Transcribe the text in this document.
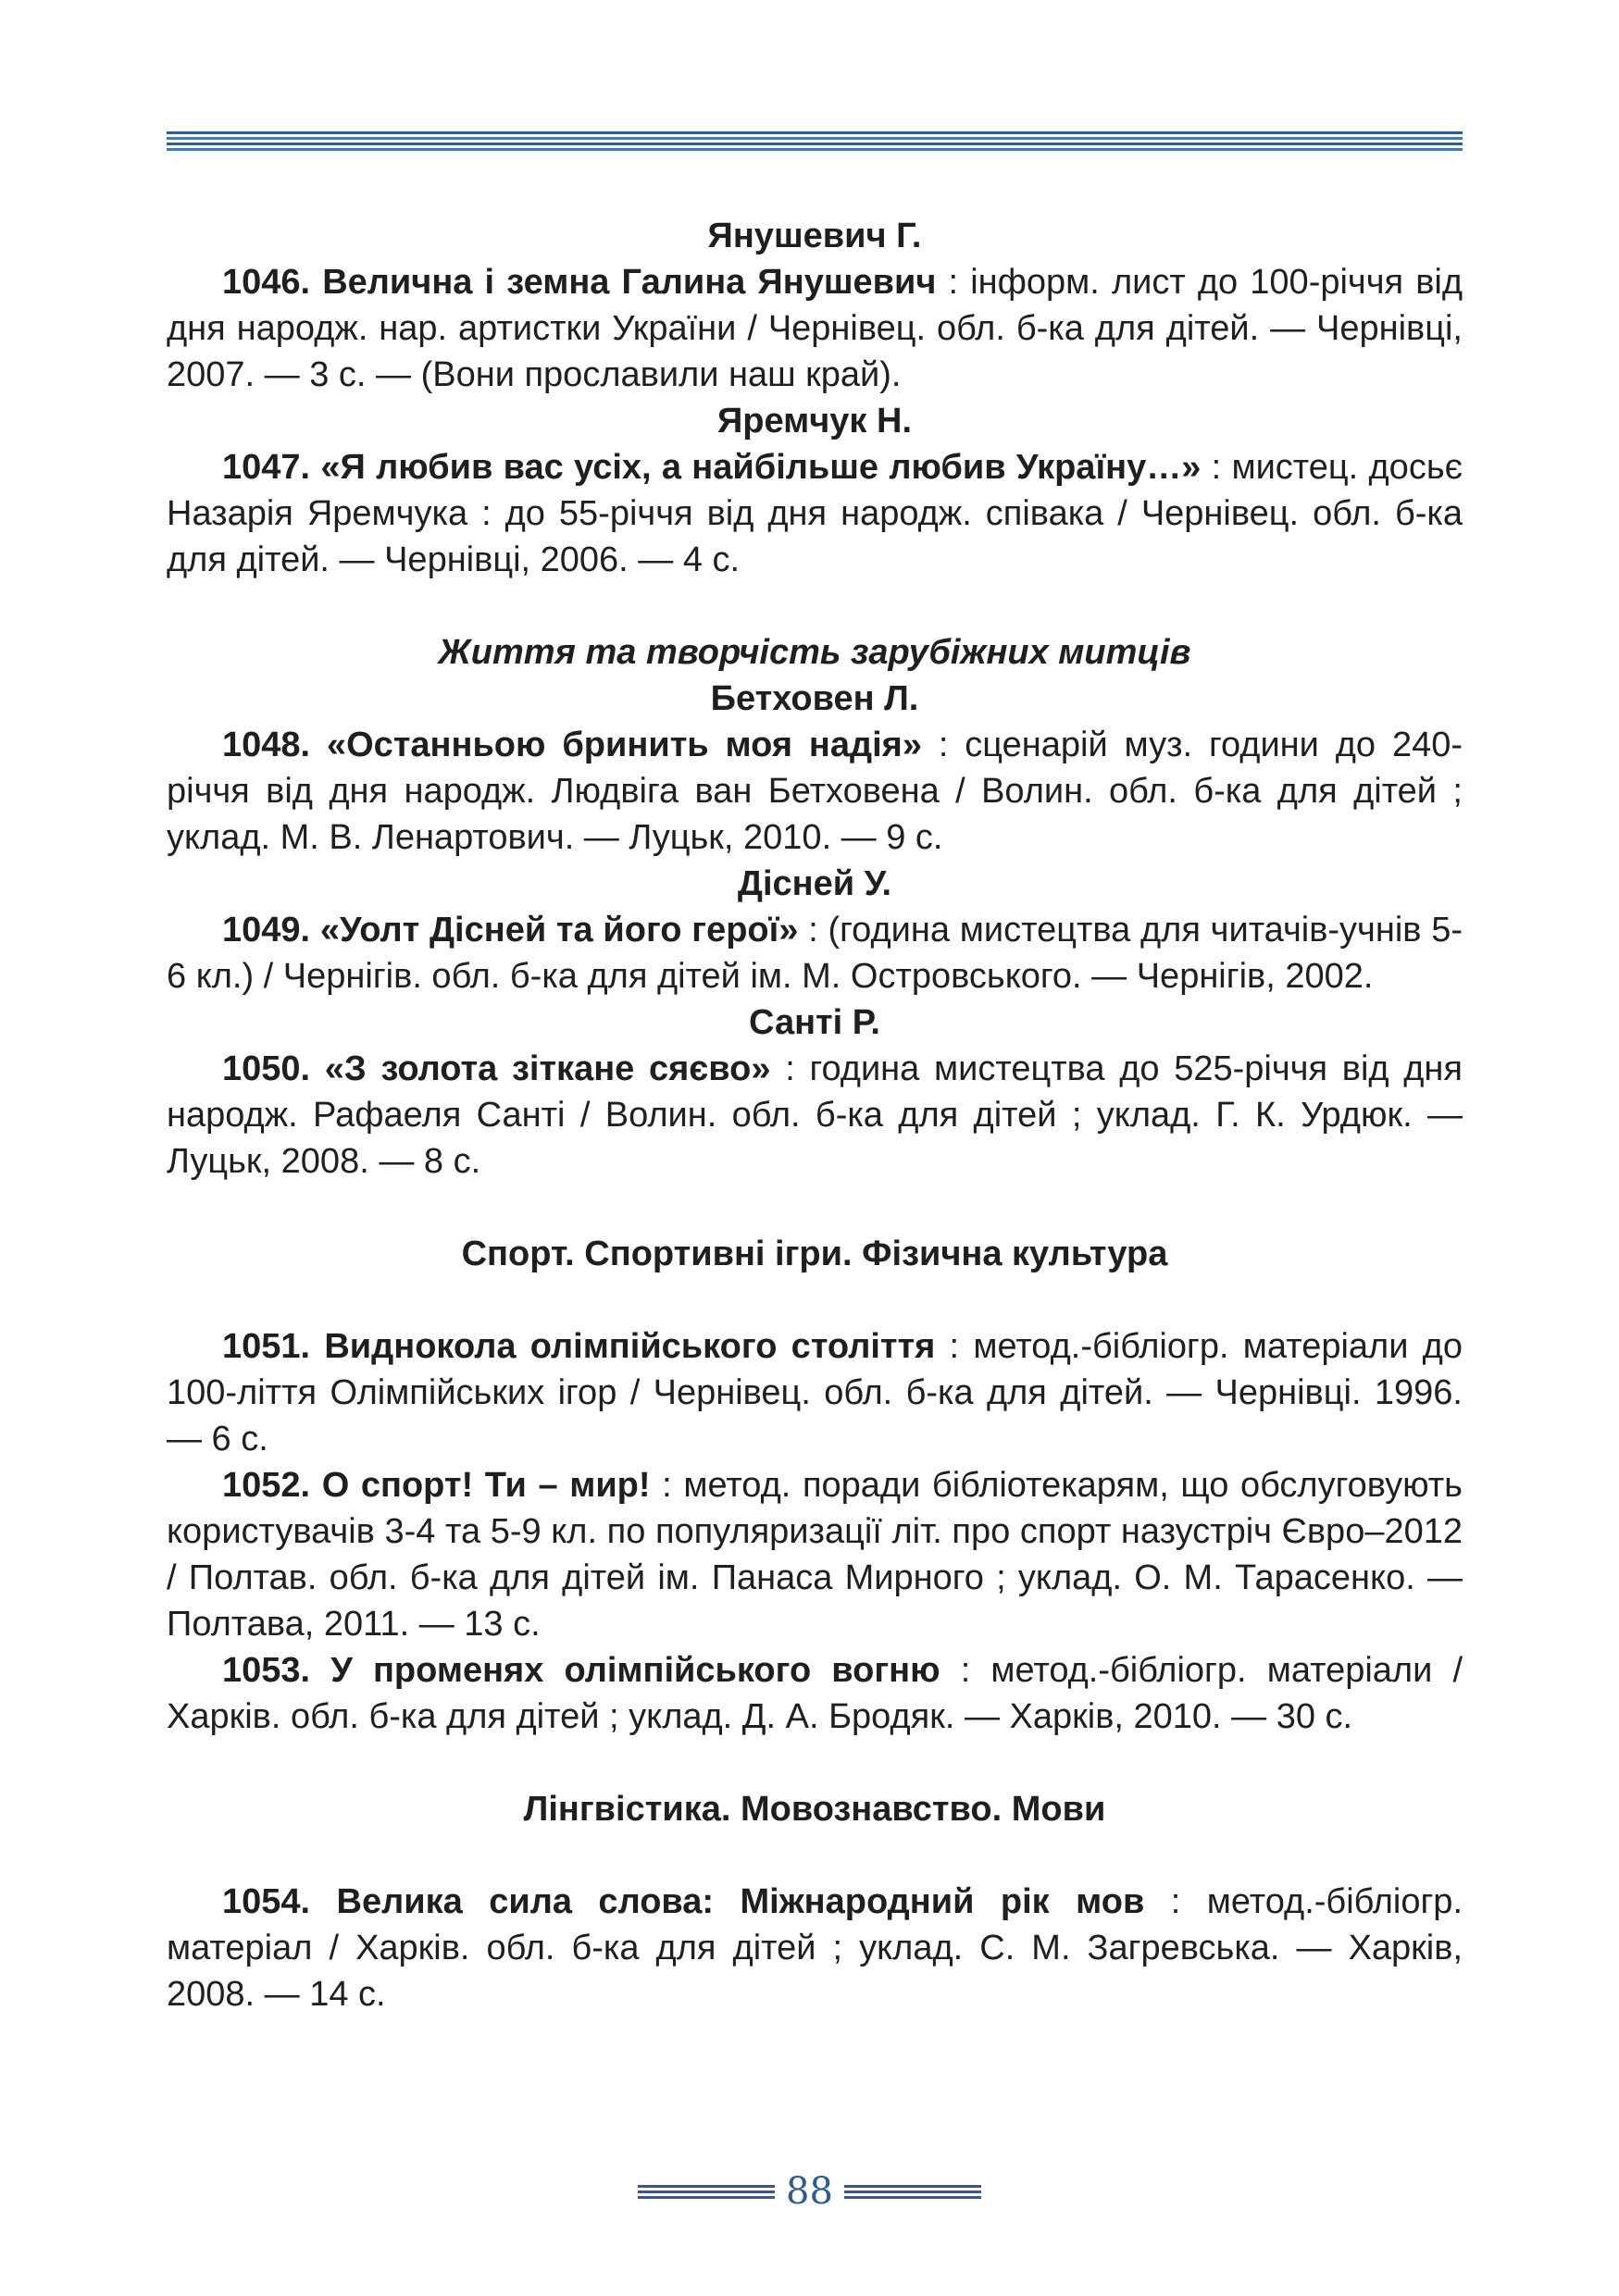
Янушевич Г.

1046. Велична і земна Галина Янушевич : інформ. лист до 100-річчя від дня народж. нар. артистки України / Чернівец. обл. б-ка для дітей. — Чернівці, 2007. — 3 с. — (Вони прославили наш край).

Яремчук Н.

1047. «Я любив вас усіх, а найбільше любив Україну…» : мистец. досьє Назарія Яремчука : до 55-річчя від дня народж. співака / Чернівец. обл. б-ка для дітей. — Чернівці, 2006. — 4 с.

Життя та творчість зарубіжних митців

Бетховен Л.

1048. «Останньою бринить моя надія» : сценарій муз. години до 240-річчя від дня народж. Людвіга ван Бетховена / Волин. обл. б-ка для дітей ; уклад. М. В. Ленартович. — Луцьк, 2010. — 9 с.

Дісней У.

1049. «Уолт Дісней та його герої» : (година мистецтва для читачів-учнів 5-6 кл.) / Чернігів. обл. б-ка для дітей ім. М. Островського. — Чернігів, 2002.

Санті Р.

1050. «З золота зіткане сяєво» : година мистецтва до 525-річчя від дня народж. Рафаеля Санті / Волин. обл. б-ка для дітей ; уклад. Г. К. Урдюк. — Луцьк, 2008. — 8 с.

Спорт. Спортивні ігри. Фізична культура

1051. Виднокола олімпійського століття : метод.-бібліогр. матеріали до 100-ліття Олімпійських ігор / Чернівец. обл. б-ка для дітей. — Чернівці. 1996. — 6 с.

1052. О спорт! Ти – мир! : метод. поради бібліотекарям, що обслуговують користувачів 3-4 та 5-9 кл. по популяризації літ. про спорт назустріч Євро–2012 / Полтав. обл. б-ка для дітей ім. Панаса Мирного ; уклад. О. М. Тарасенко. — Полтава, 2011. — 13 с.

1053. У променях олімпійського вогню : метод.-бібліогр. матеріали / Харків. обл. б-ка для дітей ; уклад. Д. А. Бродяк. — Харків, 2010. — 30 с.

Лінгвістика. Мовознавство. Мови

1054. Велика сила слова: Міжнародний рік мов : метод.-бібліогр. матеріал / Харків. обл. б-ка для дітей ; уклад. С. М. Загревська. — Харків, 2008. — 14 с.

88
